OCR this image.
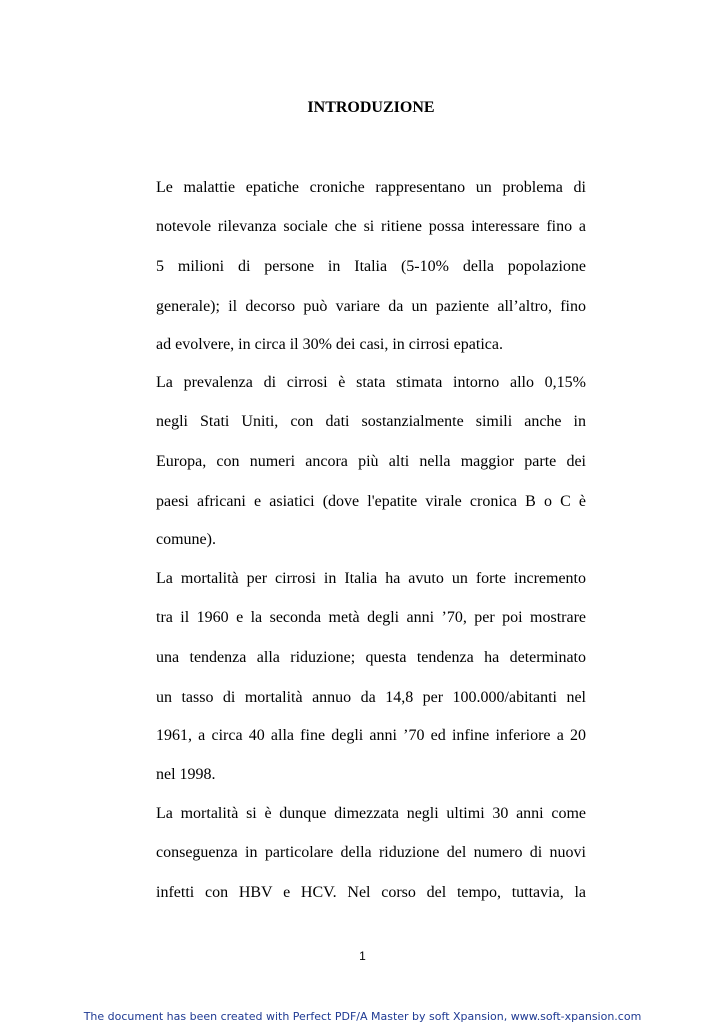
INTRODUZIONE
Le malattie epatiche croniche rappresentano un problema di
notevole rilevanza sociale che si ritiene possa interessare fino a
5 milioni di persone in Italia (5-10% della popolazione
generale); il decorso può variare da un paziente all’altro, fino
ad evolvere, in circa il 30% dei casi, in cirrosi epatica.
La prevalenza di cirrosi è stata stimata intorno allo 0,15%
negli Stati Uniti, con dati sostanzialmente simili anche in
Europa, con numeri ancora più alti nella maggior parte dei
paesi africani e asiatici (dove l'epatite virale cronica B o C è
comune).
La mortalità per cirrosi in Italia ha avuto un forte incremento
tra il 1960 e la seconda metà degli anni ’70, per poi mostrare
una tendenza alla riduzione; questa tendenza ha determinato
un tasso di mortalità annuo da 14,8 per 100.000/abitanti nel
1961, a circa 40 alla fine degli anni ’70 ed infine inferiore a 20
nel 1998.
La mortalità si è dunque dimezzata negli ultimi 30 anni come
conseguenza in particolare della riduzione del numero di nuovi
infetti con HBV e HCV. Nel corso del tempo, tuttavia, la
1
The document has been created with Perfect PDF/A Master by soft Xpansion, www.soft-xpansion.com
